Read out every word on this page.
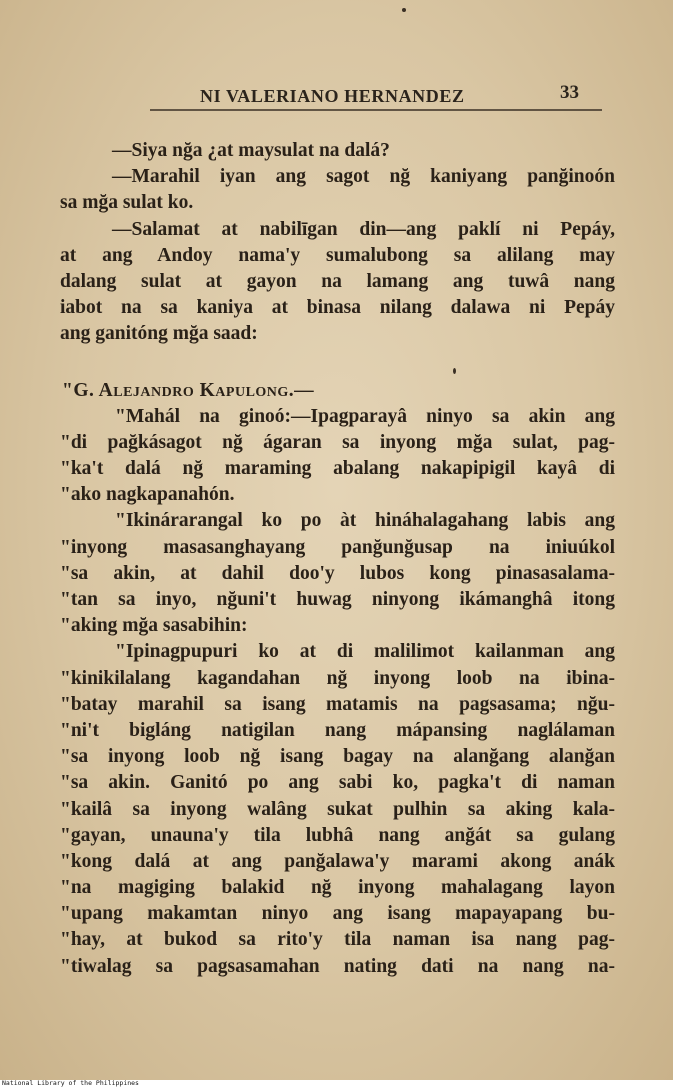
NI VALERIANO HERNANDEZ	33
—Siya nğa ¿at maysulat na dalá?
—Marahil iyan ang sagot nğ kaniyang panğinoón
sa mğa sulat ko.
—Salamat at nabilīgan din—ang paklí ni Pepáy,
at ang Andoy nama'y sumalubong sa alilang may
dalang sulat at gayon na lamang ang tuwâ nang
iabot na sa kaniya at binasa nilang dalawa ni Pepáy
ang ganitóng mğa saad:
"G. Alejandro Kapulong.—
"Mahál na ginoó:—Ipagparayâ ninyo sa akin ang
"di pağkásagot nğ ágaran sa inyong mğa sulat, pag-
"ka't dalá nğ maraming abalang nakapipigil kayâ di
"ako nagkapanahón.
"Ikinárarangal ko po àt hináhalagahang labis ang
"inyong masasanghayang panğunğusap na iniuúkol
"sa akin, at dahil doo'y lubos kong pinasasalama-
"tan sa inyo, nğuni't huwag ninyong ikámanghâ itong
"aking mğa sasabihin:
"Ipinagpupuri ko at di malilimot kailanman ang
"kinikilalang kagandahan nğ inyong loob na ibina-
"batay marahil sa isang matamis na pagsasama; nğu-
"ni't bigláng natigilan nang mápansing naglálaman
"sa inyong loob nğ isang bagay na alanğang alanğan
"sa akin. Ganitó po ang sabi ko, pagka't di naman
"kailâ sa inyong walâng sukat pulhin sa aking kala-
"gayan, unauna'y tila lubhâ nang anğát sa gulang
"kong dalá at ang panğalawa'y marami akong anák
"na magiging balakid nğ inyong mahalagang layon
"upang makamtan ninyo ang isang mapayapang bu-
"hay, at bukod sa rito'y tila naman isa nang pag-
"tiwalag sa pagsasamahan nating dati na nang na-
National Library of the Philippines
